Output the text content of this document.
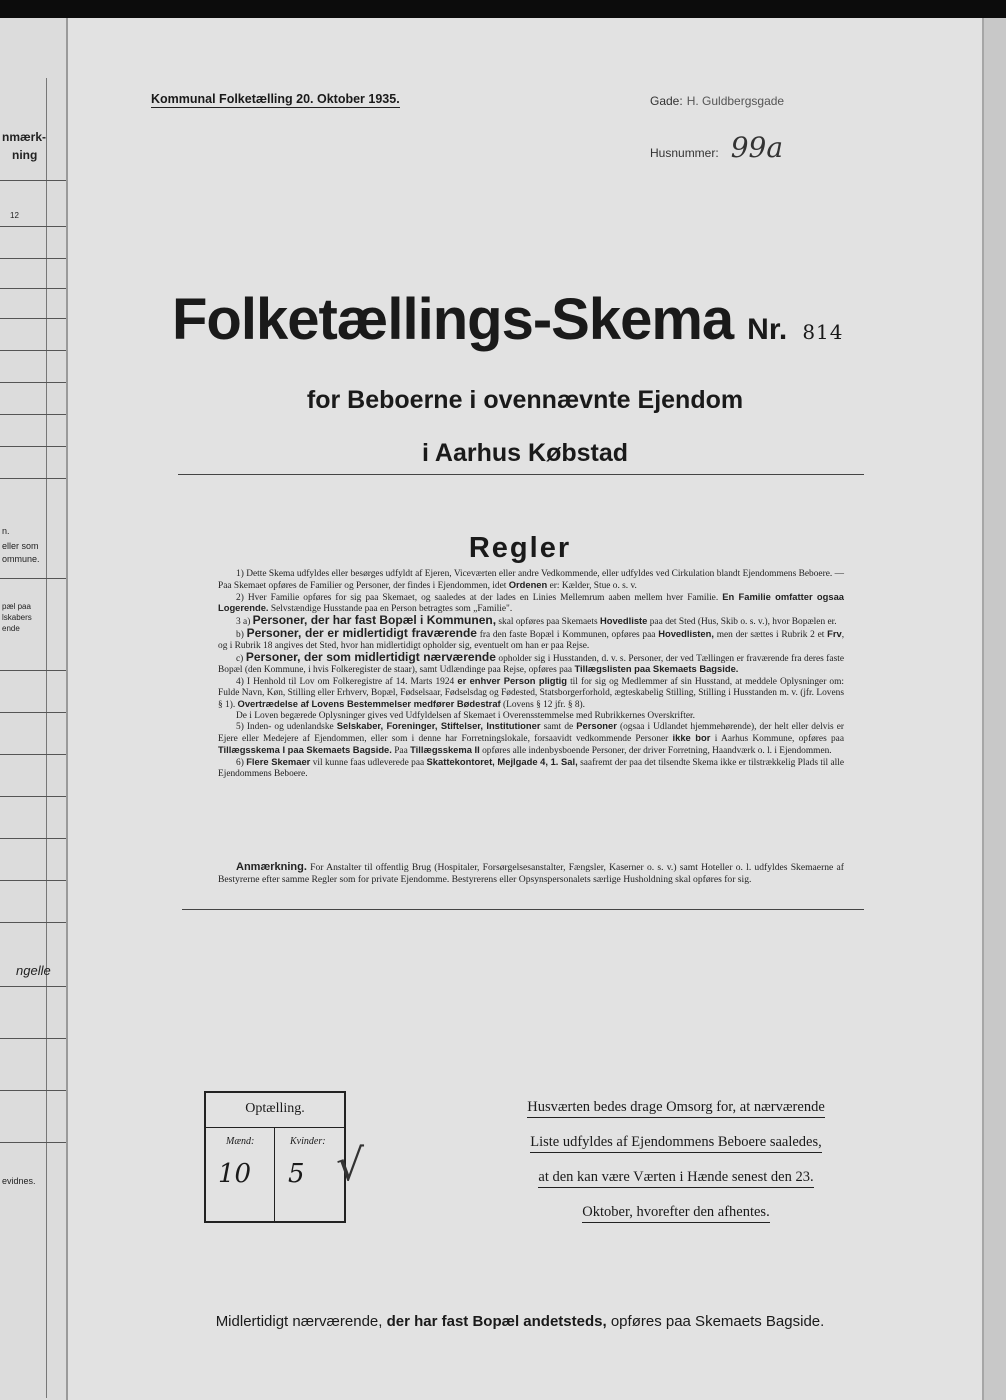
nmærk-
ning
12
n.
eller som
ommune.
pæl paa
lskabers
ende
ngelle
evidnes.
Kommunal Folketælling 20. Oktober 1935.	Gade: H. Guldbergsgade
Husnummer: 99a
Folketællings-Skema Nr. 814
for Beboerne i ovennævnte Ejendom
i Aarhus Købstad
Regler

1) Dette Skema udfyldes eller besørges udfyldt af Ejeren, Viceværten eller andre Vedkommende, eller udfyldes ved Cirkulation blandt Ejendommens Beboere. — Paa Skemaet opføres de Familier og Personer, der findes i Ejendommen, idet Ordenen er: Kælder, Stue o. s. v.

2) Hver Familie opføres for sig paa Skemaet, og saaledes at der lades en Linies Mellemrum aaben mellem hver Familie. En Familie omfatter ogsaa Logerende. Selvstændige Husstande paa en Person betragtes som „Familie".

3 a) Personer, der har fast Bopæl i Kommunen, skal opføres paa Skemaets Hovedliste paa det Sted (Hus, Skib o. s. v.), hvor Bopælen er.

b) Personer, der er midlertidigt fraværende fra den faste Bopæl i Kommunen, opføres paa Hovedlisten, men der sættes i Rubrik 2 et Frv, og i Rubrik 18 angives det Sted, hvor han midlertidigt opholder sig, eventuelt om han er paa Rejse.

c) Personer, der som midlertidigt nærværende opholder sig i Husstanden, d. v. s. Personer, der ved Tællingen er fraværende fra deres faste Bopæl (den Kommune, i hvis Folkeregister de staar), samt Udlændinge paa Rejse, opføres paa Tillægslisten paa Skemaets Bagside.

4) I Henhold til Lov om Folkeregistre af 14. Marts 1924 er enhver Person pligtig til for sig og Medlemmer af sin Husstand, at meddele Oplysninger om: Fulde Navn, Køn, Stilling eller Erhverv, Bopæl, Fødselsaar, Fødselsdag og Fødested, Statsborgerforhold, ægteskabelig Stilling, Stilling i Husstanden m. v. (jfr. Lovens § 1). Overtrædelse af Lovens Bestemmelser medfører Bødestraf (Lovens § 12 jfr. § 8).

De i Loven begærede Oplysninger gives ved Udfyldelsen af Skemaet i Overensstemmelse med Rubrikkernes Overskrifter.

5) Inden- og udenlandske Selskaber, Foreninger, Stiftelser, Institutioner samt de Personer (ogsaa i Udlandet hjemmehørende), der helt eller delvis er Ejere eller Medejere af Ejendommen, eller som i denne har Forretningslokale, forsaavidt vedkommende Personer ikke bor i Aarhus Kommune, opføres paa Tillægsskema I paa Skemaets Bagside. Paa Tillægsskema II opføres alle indenbysboende Personer, der driver Forretning, Haandværk o. l. i Ejendommen.

6) Flere Skemaer vil kunne faas udleverede paa Skattekontoret, Mejlgade 4, 1. Sal, saafremt der paa det tilsendte Skema ikke er tilstrækkelig Plads til alle Ejendommens Beboere.

Anmærkning. For Anstalter til offentlig Brug (Hospitaler, Forsørgelsesanstalter, Fængsler, Kaserner o. s. v.) samt Hoteller o. l. udfyldes Skemaerne af Bestyrerne efter samme Regler som for private Ejendomme. Bestyrerens eller Opsynspersonalets særlige Husholdning skal opføres for sig.
Optælling.
Mænd:	Kvinder:
10 5 √
Husværten bedes drage Omsorg for, at nærværende
Liste udfyldes af Ejendommens Beboere saaledes,
at den kan være Værten i Hænde senest den 23.
Oktober, hvorefter den afhentes.
Midlertidigt nærværende, der har fast Bopæl andetsteds, opføres paa Skemaets Bagside.
